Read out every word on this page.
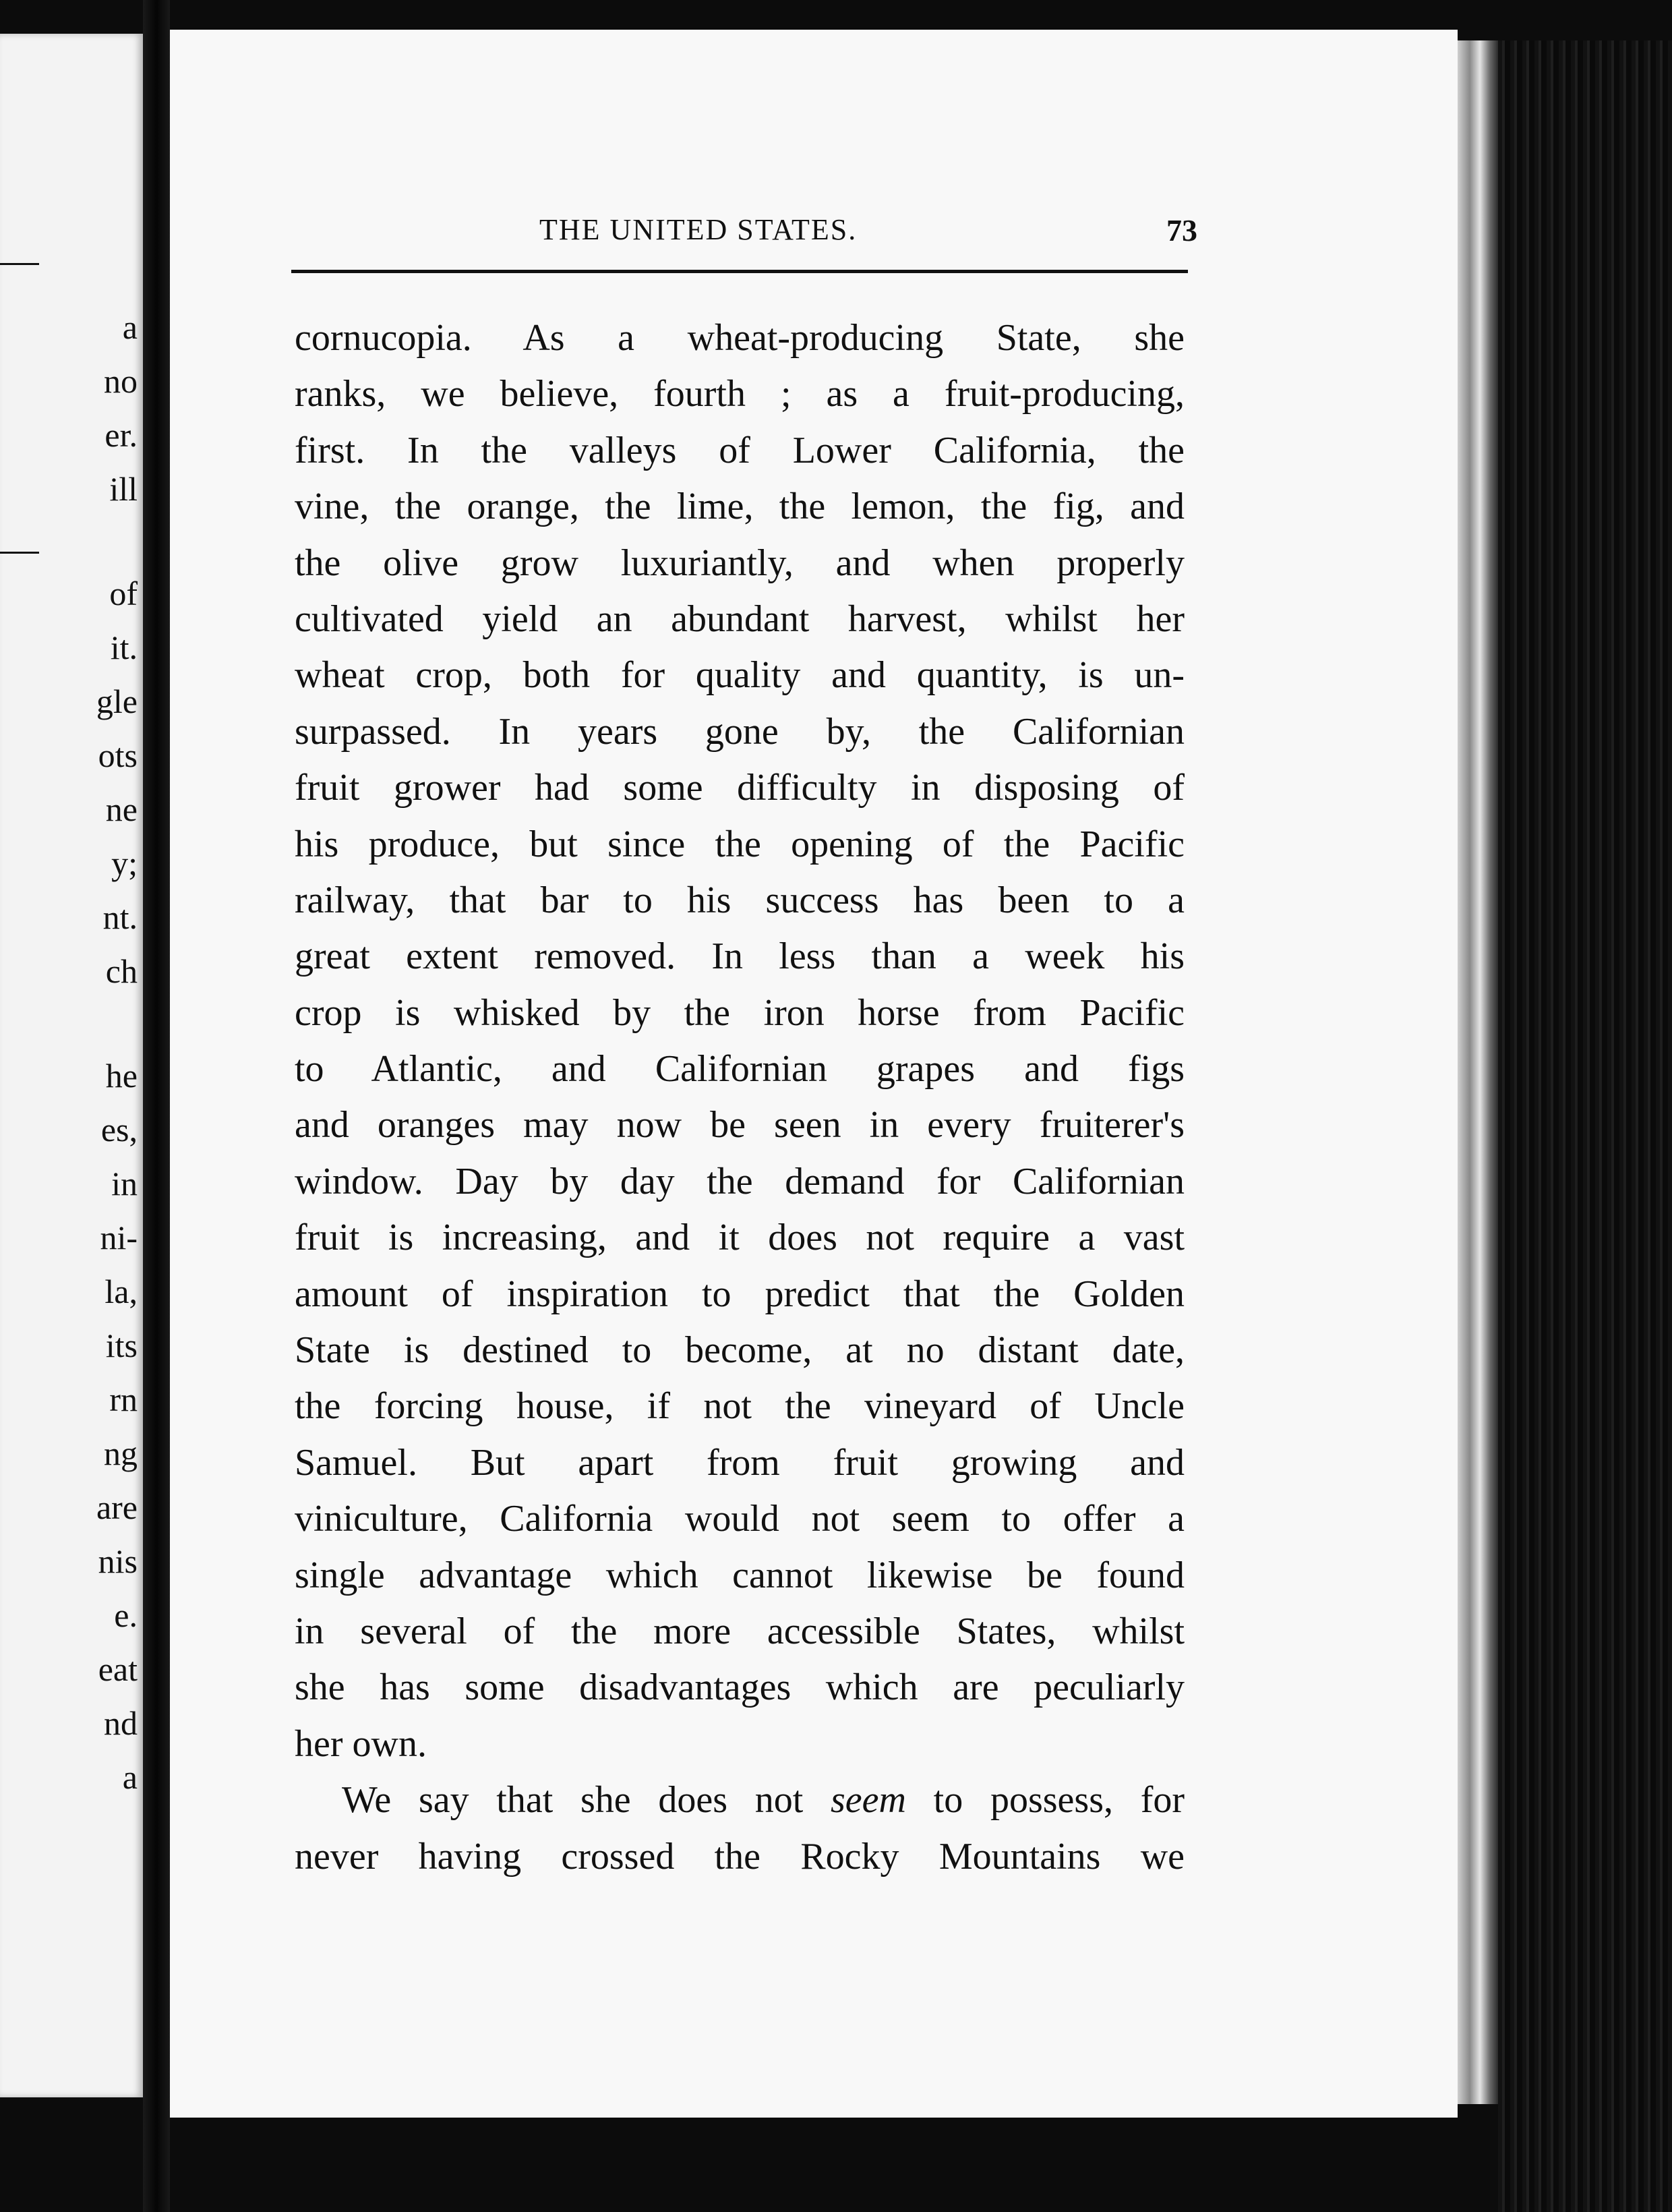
a
no
er.
ill
of
it.
gle
ots
ne
y;
nt.
ch
he
es,
in
ni-
la,
its
rn
ng
are
nis
e.
eat
nd
a
THE UNITED STATES.	73
cornucopia. As a wheat-producing State, she
ranks, we believe, fourth ; as a fruit-producing,
first. In the valleys of Lower California, the
vine, the orange, the lime, the lemon, the fig, and
the olive grow luxuriantly, and when properly
cultivated yield an abundant harvest, whilst her
wheat crop, both for quality and quantity, is un-
surpassed. In years gone by, the Californian
fruit grower had some difficulty in disposing of
his produce, but since the opening of the Pacific
railway, that bar to his success has been to a
great extent removed. In less than a week his
crop is whisked by the iron horse from Pacific
to Atlantic, and Californian grapes and figs
and oranges may now be seen in every fruiterer's
window. Day by day the demand for Californian
fruit is increasing, and it does not require a vast
amount of inspiration to predict that the Golden
State is destined to become, at no distant date,
the forcing house, if not the vineyard of Uncle
Samuel. But apart from fruit growing and
viniculture, California would not seem to offer a
single advantage which cannot likewise be found
in several of the more accessible States, whilst
she has some disadvantages which are peculiarly
her own.
We say that she does not seem to possess, for
never having crossed the Rocky Mountains we
